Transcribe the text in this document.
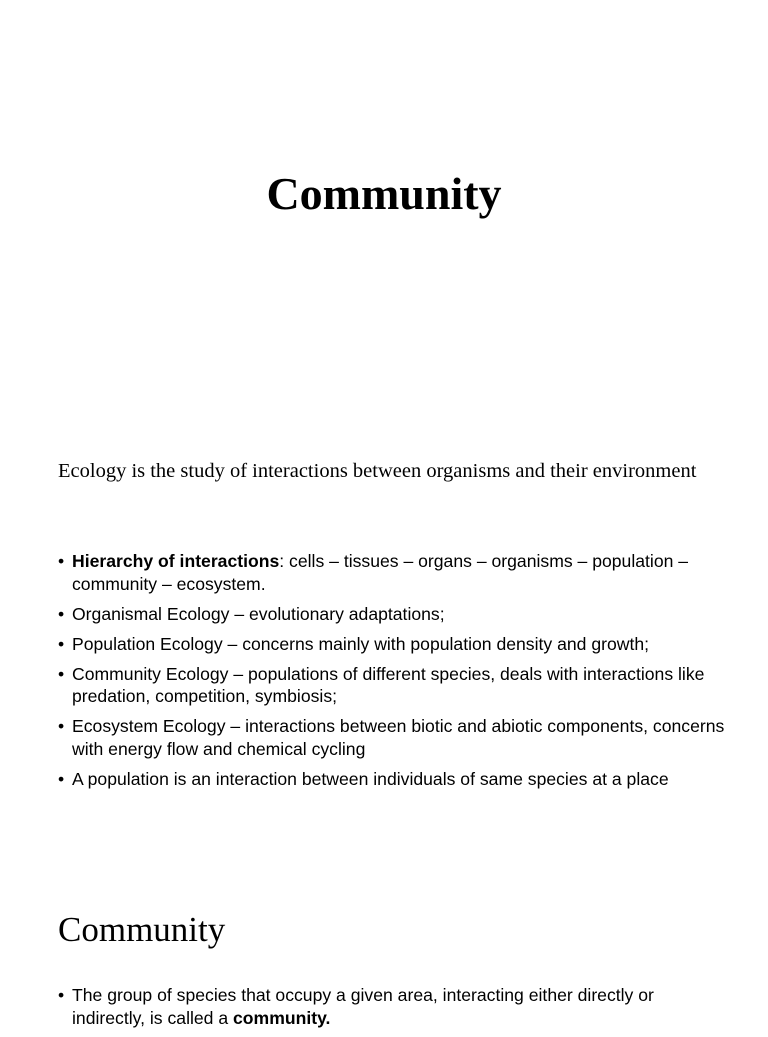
Community

Ecology is the study of interactions between organisms and their environment

• Hierarchy of interactions: cells – tissues – organs – organisms – population – community – ecosystem.
• Organismal Ecology – evolutionary adaptations;
• Population Ecology – concerns mainly with population density and growth;
• Community Ecology – populations of different species, deals with interactions like predation, competition, symbiosis;
• Ecosystem Ecology – interactions between biotic and abiotic components, concerns with energy flow and chemical cycling
• A population is an interaction between individuals of same species at a place
Community
• The group of species that occupy a given area, interacting either directly or indirectly, is called a community.
